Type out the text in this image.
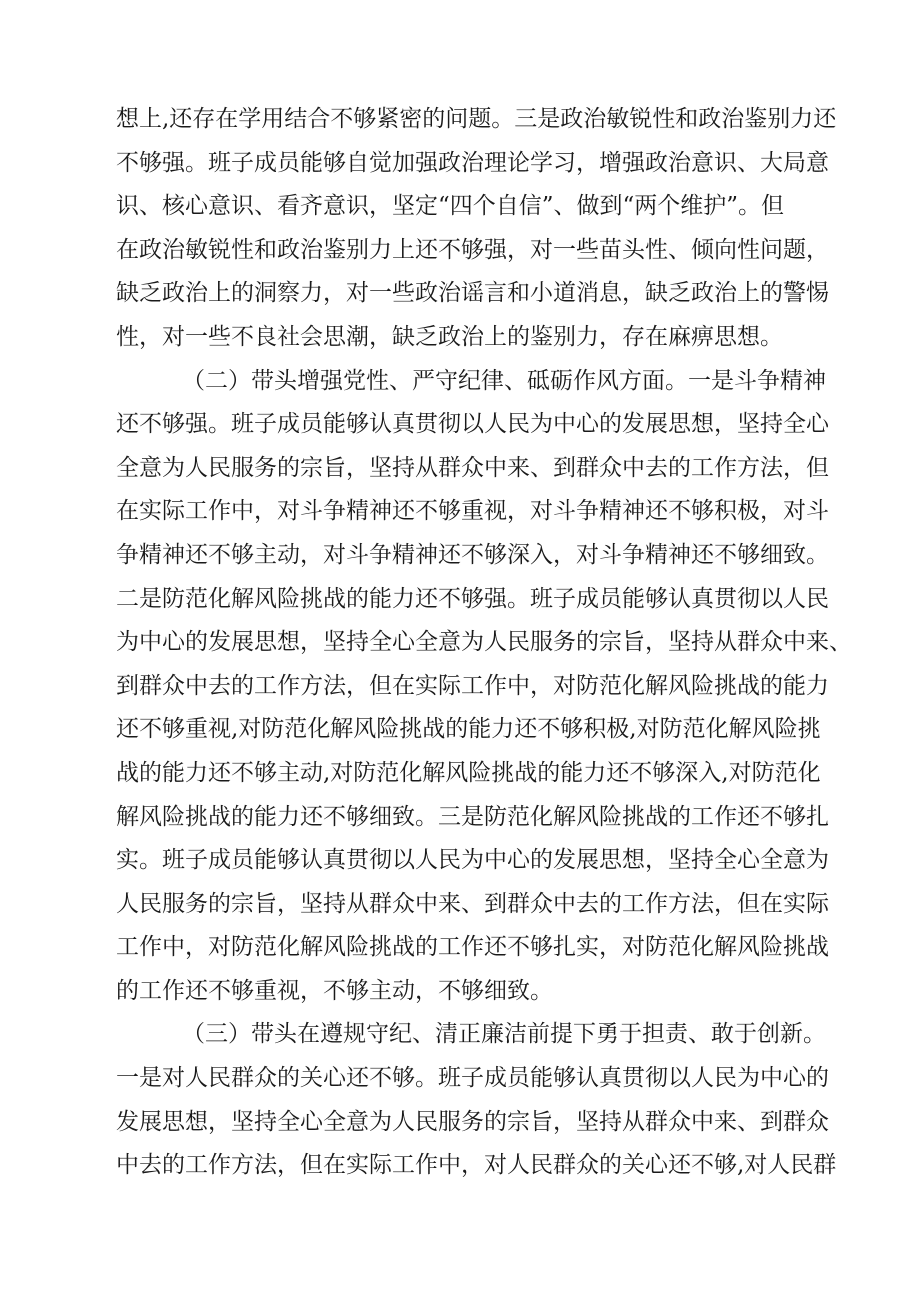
想上,还存在学用结合不够紧密的问题。三是政治敏锐性和政治鉴别力还
不够强。班子成员能够自觉加强政治理论学习，增强政治意识、大局意
识、核心意识、看齐意识，坚定“四个自信”、做到“两个维护”。但
在政治敏锐性和政治鉴别力上还不够强，对一些苗头性、倾向性问题，
缺乏政治上的洞察力，对一些政治谣言和小道消息，缺乏政治上的警惕
性，对一些不良社会思潮，缺乏政治上的鉴别力，存在麻痹思想。
（二）带头增强党性、严守纪律、砥砺作风方面。一是斗争精神
还不够强。班子成员能够认真贯彻以人民为中心的发展思想，坚持全心
全意为人民服务的宗旨，坚持从群众中来、到群众中去的工作方法，但
在实际工作中，对斗争精神还不够重视，对斗争精神还不够积极，对斗
争精神还不够主动，对斗争精神还不够深入，对斗争精神还不够细致。
二是防范化解风险挑战的能力还不够强。班子成员能够认真贯彻以人民
为中心的发展思想，坚持全心全意为人民服务的宗旨，坚持从群众中来、
到群众中去的工作方法，但在实际工作中，对防范化解风险挑战的能力
还不够重视,对防范化解风险挑战的能力还不够积极,对防范化解风险挑
战的能力还不够主动,对防范化解风险挑战的能力还不够深入,对防范化
解风险挑战的能力还不够细致。三是防范化解风险挑战的工作还不够扎
实。班子成员能够认真贯彻以人民为中心的发展思想，坚持全心全意为
人民服务的宗旨，坚持从群众中来、到群众中去的工作方法，但在实际
工作中，对防范化解风险挑战的工作还不够扎实，对防范化解风险挑战
的工作还不够重视，不够主动，不够细致。
（三）带头在遵规守纪、清正廉洁前提下勇于担责、敢于创新。
一是对人民群众的关心还不够。班子成员能够认真贯彻以人民为中心的
发展思想，坚持全心全意为人民服务的宗旨，坚持从群众中来、到群众
中去的工作方法，但在实际工作中，对人民群众的关心还不够,对人民群
